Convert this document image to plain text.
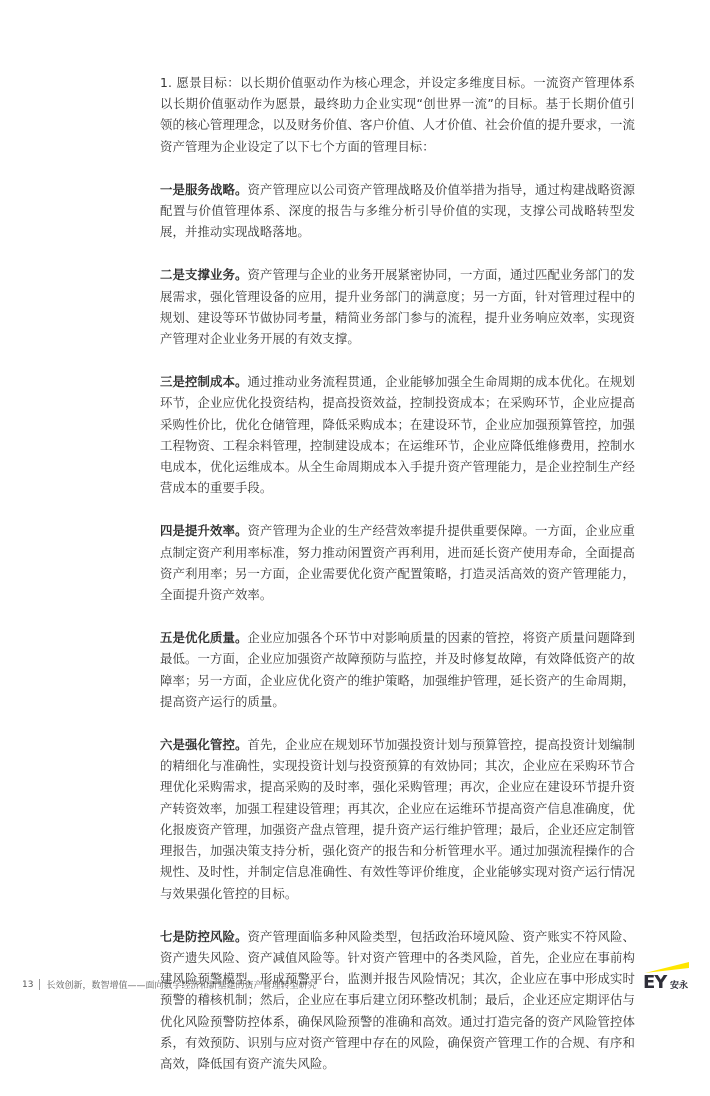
1. 愿景目标：以长期价值驱动作为核心理念，并设定多维度目标。一流资产管理体系以长期价值驱动作为愿景，最终助力企业实现“创世界一流”的目标。基于长期价值引领的核心管理理念，以及财务价值、客户价值、人才价值、社会价值的提升要求，一流资产管理为企业设定了以下七个方面的管理目标：

一是服务战略。资产管理应以公司资产管理战略及价值举措为指导，通过构建战略资源配置与价值管理体系、深度的报告与多维分析引导价值的实现，支撑公司战略转型发展，并推动实现战略落地。

二是支撑业务。资产管理与企业的业务开展紧密协同，一方面，通过匹配业务部门的发展需求，强化管理设备的应用，提升业务部门的满意度；另一方面，针对管理过程中的规划、建设等环节做协同考量，精简业务部门参与的流程，提升业务响应效率，实现资产管理对企业业务开展的有效支撑。

三是控制成本。通过推动业务流程贯通，企业能够加强全生命周期的成本优化。在规划环节，企业应优化投资结构，提高投资效益，控制投资成本；在采购环节，企业应提高采购性价比，优化仓储管理，降低采购成本；在建设环节，企业应加强预算管控，加强工程物资、工程余料管理，控制建设成本；在运维环节，企业应降低维修费用，控制水电成本，优化运维成本。从全生命周期成本入手提升资产管理能力，是企业控制生产经营成本的重要手段。

四是提升效率。资产管理为企业的生产经营效率提升提供重要保障。一方面，企业应重点制定资产利用率标准，努力推动闲置资产再利用，进而延长资产使用寿命，全面提高资产利用率；另一方面，企业需要优化资产配置策略，打造灵活高效的资产管理能力，全面提升资产效率。

五是优化质量。企业应加强各个环节中对影响质量的因素的管控，将资产质量问题降到最低。一方面，企业应加强资产故障预防与监控，并及时修复故障，有效降低资产的故障率；另一方面，企业应优化资产的维护策略，加强维护管理，延长资产的生命周期，提高资产运行的质量。

六是强化管控。首先，企业应在规划环节加强投资计划与预算管控，提高投资计划编制的精细化与准确性，实现投资计划与投资预算的有效协同；其次，企业应在采购环节合理优化采购需求，提高采购的及时率，强化采购管理；再次，企业应在建设环节提升资产转资效率，加强工程建设管理；再其次，企业应在运维环节提高资产信息准确度，优化报废资产管理，加强资产盘点管理，提升资产运行维护管理；最后，企业还应定制管理报告，加强决策支持分析，强化资产的报告和分析管理水平。通过加强流程操作的合规性、及时性，并制定信息准确性、有效性等评价维度，企业能够实现对资产运行情况与效果强化管控的目标。

七是防控风险。资产管理面临多种风险类型，包括政治环境风险、资产账实不符风险、资产遗失风险、资产减值风险等。针对资产管理中的各类风险，首先，企业应在事前构建风险预警模型，形成预警平台，监测并报告风险情况；其次，企业应在事中形成实时预警的稽核机制；然后，企业应在事后建立闭环整改机制；最后，企业还应定期评估与优化风险预警防控体系，确保风险预警的准确和高效。通过打造完备的资产风险管控体系，有效预防、识别与应对资产管理中存在的风险，确保资产管理工作的合规、有序和高效，降低国有资产流失风险。

13 长效创新，数智增值——面向数字经济和新基建的资产管理转型研究	EY 安永
